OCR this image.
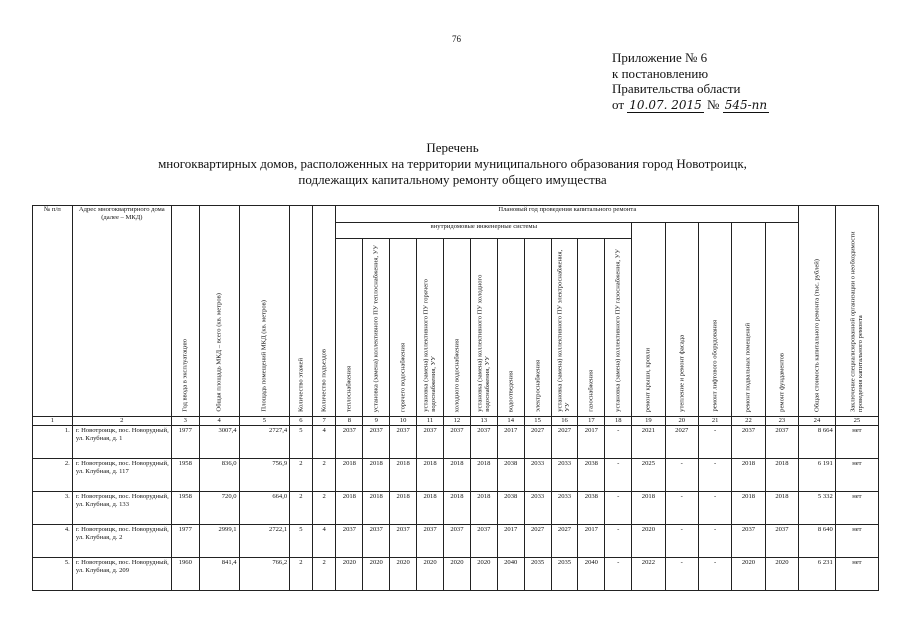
76
Приложение № 6
к постановлению
Правительства области
от 10.07. 2015 № 545-пп
Перечень
многоквартирных домов, расположенных на территории муниципального образования город Новотроицк,
подлежащих капитальному ремонту общего имущества
№ п/п	Адрес многоквартирного дома (далее – МКД)	Год ввода в эксплуатацию	Общая площадь МКД – всего (кв. метров)	Площадь помещений МКД (кв. метров)	Количество этажей	Количество подъездов	Плановый год проведения капитального ремонта																Общая стоимость капитального ремонта (тыс. рублей)	Заключение специализированной организации о необходимости проведения капитального ремонта

							внутридомовые инженерные системы											ремонт крыши, кровли	утепление и ремонт фасада	ремонт лифтового оборудования	ремонт подвальных помещений	ремонт фундаментов		

							теплоснабжения	установка (замена) коллективного ПУ теплоснабжения, УУ	горячего водоснабжения	установка (замена) коллективного ПУ горячего водоснабжения, УУ	холодного водоснабжения	установка (замена) коллективного ПУ холодного водоснабжения, УУ	водоотведения	электроснабжения	установка (замена) коллективного ПУ электроснабжения, УУ	газоснабжения	установка (замена) коллективного ПУ газоснабжения, УУ							

1	2	3	4	5	6	7	8	9	10	11	12	13	14	15	16	17	18	19	20	21	22	23	24	25
1.	г. Новотроицк, пос. Новорудный, ул. Клубная, д. 1	1977	3007,4	2727,4	5	4	2037	2037	2037	2037	2037	2037	2017	2027	2027	2017	-	2021	2027	-	2037	2037	8 664	нет
2.	г. Новотроицк, пос. Новорудный, ул. Клубная, д. 117	1958	836,0	756,9	2	2	2018	2018	2018	2018	2018	2018	2038	2033	2033	2038	-	2025	-	-	2018	2018	6 191	нет
3.	г. Новотроицк, пос. Новорудный, ул. Клубная, д. 133	1958	720,0	664,0	2	2	2018	2018	2018	2018	2018	2018	2038	2033	2033	2038	-	2018	-	-	2018	2018	5 332	нет
4.	г. Новотроицк, пос. Новорудный, ул. Клубная, д. 2	1977	2999,1	2722,1	5	4	2037	2037	2037	2037	2037	2037	2017	2027	2027	2017	-	2020	-	-	2037	2037	8 640	нет
5.	г. Новотроицк, пос. Новорудный, ул. Клубная, д. 209	1960	841,4	766,2	2	2	2020	2020	2020	2020	2020	2020	2040	2035	2035	2040	-	2022	-	-	2020	2020	6 231	нет
